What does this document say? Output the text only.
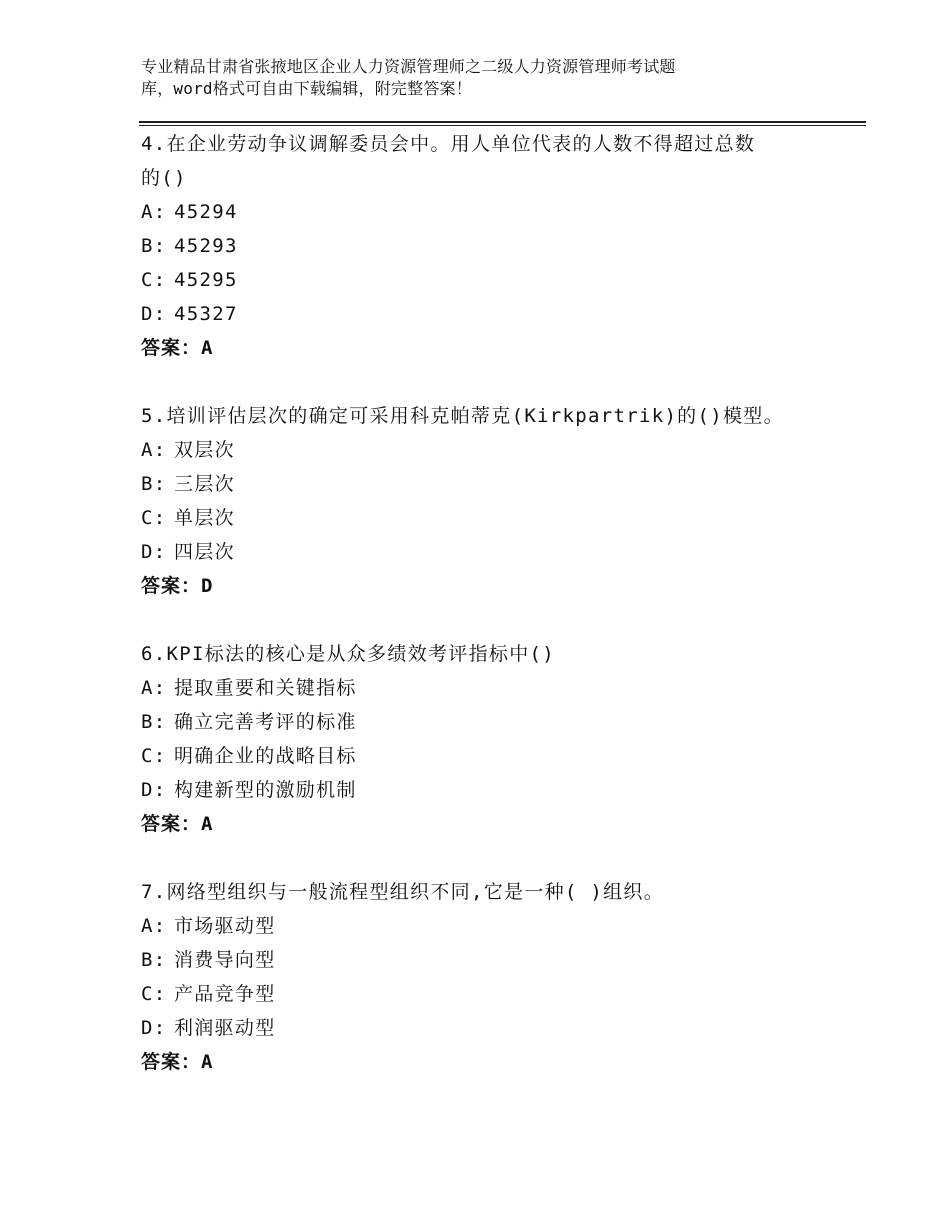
专业精品甘肃省张掖地区企业人力资源管理师之二级人力资源管理师考试题
库，word格式可自由下载编辑，附完整答案！
4.在企业劳动争议调解委员会中。用人单位代表的人数不得超过总数
的()
A: 45294
B: 45293
C: 45295
D: 45327
答案：A
5.培训评估层次的确定可采用科克帕蒂克(Kirkpartrik)的()模型。
A: 双层次
B: 三层次
C: 单层次
D: 四层次
答案：D
6.KPI标法的核心是从众多绩效考评指标中()
A: 提取重要和关键指标
B: 确立完善考评的标准
C: 明确企业的战略目标
D: 构建新型的激励机制
答案：A
7.网络型组织与一般流程型组织不同,它是一种( )组织。
A: 市场驱动型
B: 消费导向型
C: 产品竞争型
D: 利润驱动型
答案：A
